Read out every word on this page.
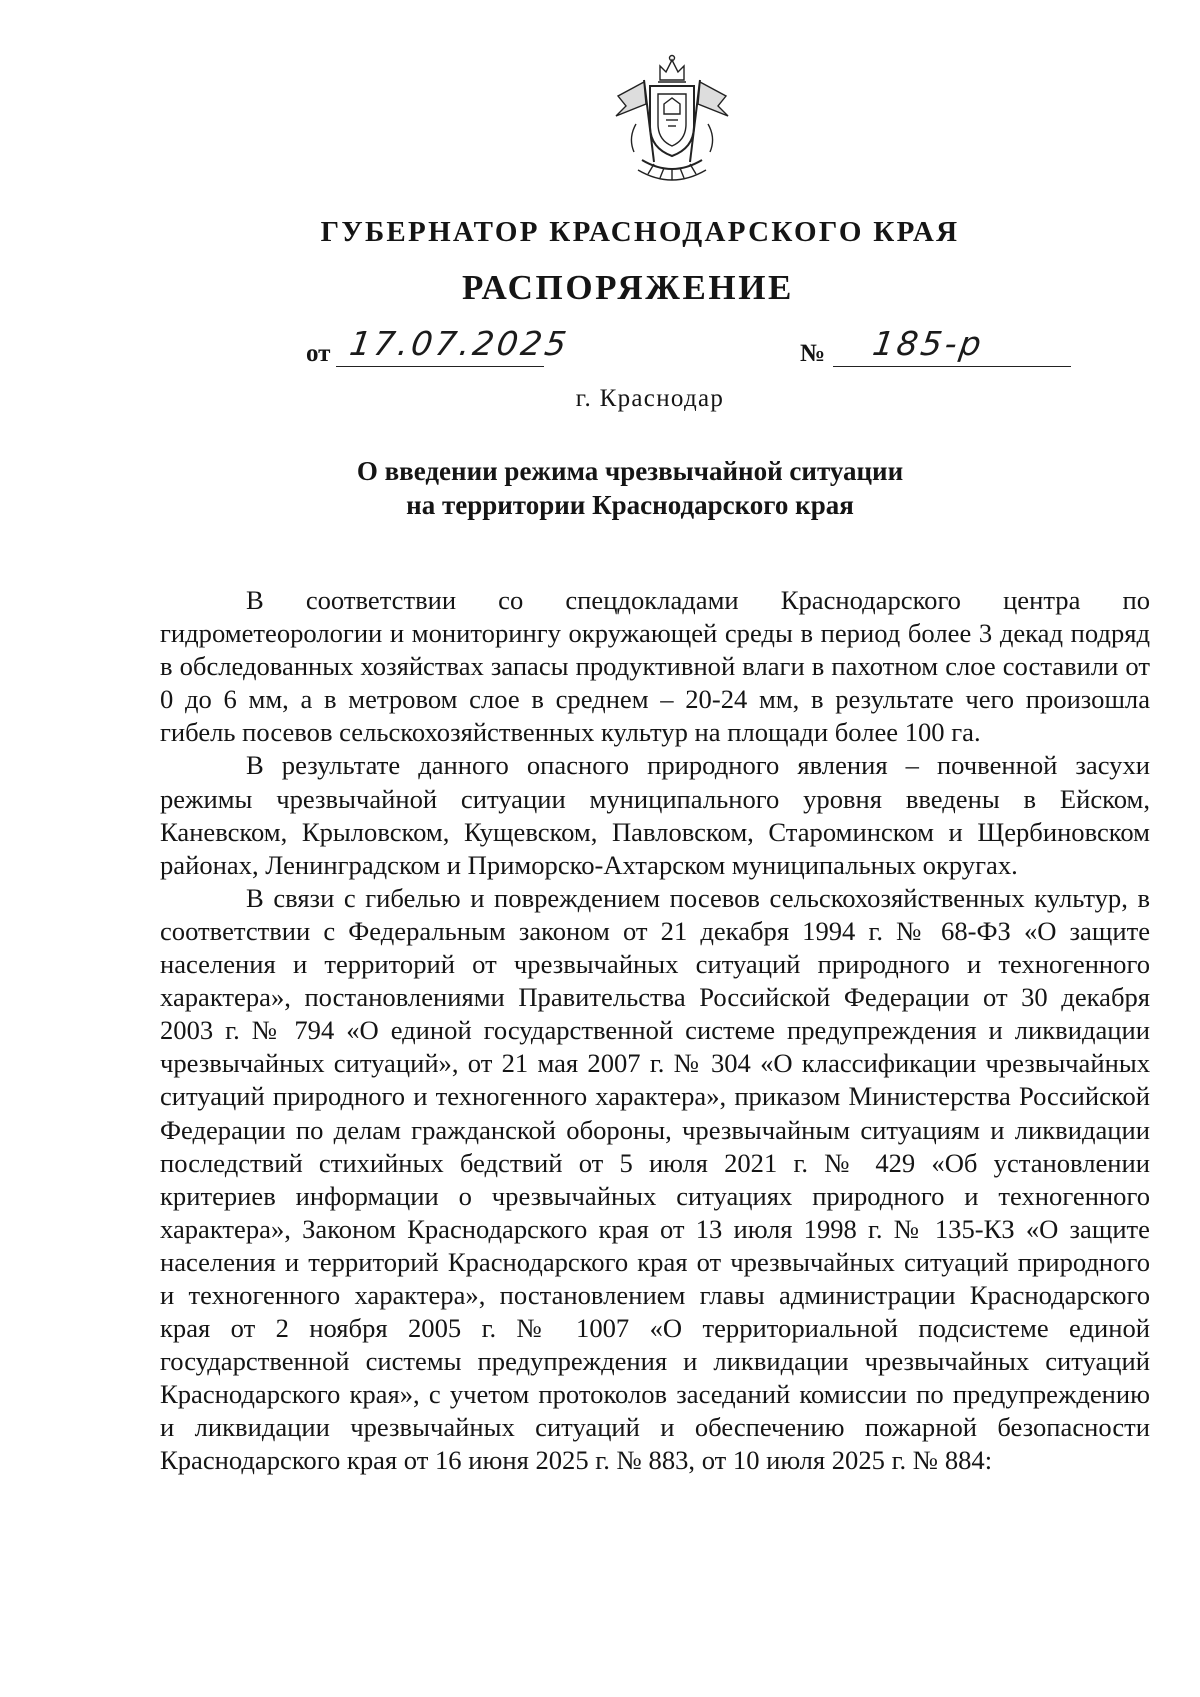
ГУБЕРНАТОР КРАСНОДАРСКОГО КРАЯ
РАСПОРЯЖЕНИЕ
от 17.07.2025	№ 185-р
г. Краснодар
О введении режима чрезвычайной ситуации
на территории Краснодарского края

В соответствии со спецдокладами Краснодарского центра по гидрометеорологии и мониторингу окружающей среды в период более 3 декад подряд в обследованных хозяйствах запасы продуктивной влаги в пахотном слое составили от 0 до 6 мм, а в метровом слое в среднем – 20-24 мм, в результате чего произошла гибель посевов сельскохозяйственных культур на площади более 100 га.

В результате данного опасного природного явления – почвенной засухи режимы чрезвычайной ситуации муниципального уровня введены в Ейском, Каневском, Крыловском, Кущевском, Павловском, Староминском и Щербиновском районах, Ленинградском и Приморско-Ахтарском муниципальных округах.

В связи с гибелью и повреждением посевов сельскохозяйственных культур, в соответствии с Федеральным законом от 21 декабря 1994 г. № 68-ФЗ «О защите населения и территорий от чрезвычайных ситуаций природного и техногенного характера», постановлениями Правительства Российской Федерации от 30 декабря 2003 г. № 794 «О единой государственной системе предупреждения и ликвидации чрезвычайных ситуаций», от 21 мая 2007 г. № 304 «О классификации чрезвычайных ситуаций природного и техногенного характера», приказом Министерства Российской Федерации по делам гражданской обороны, чрезвычайным ситуациям и ликвидации последствий стихийных бедствий от 5 июля 2021 г. № 429 «Об установлении критериев информации о чрезвычайных ситуациях природного и техногенного характера», Законом Краснодарского края от 13 июля 1998 г. № 135-КЗ «О защите населения и территорий Краснодарского края от чрезвычайных ситуаций природного и техногенного характера», постановлением главы администрации Краснодарского края от 2 ноября 2005 г. № 1007 «О территориальной подсистеме единой государственной системы предупреждения и ликвидации чрезвычайных ситуаций Краснодарского края», с учетом протоколов заседаний комиссии по предупреждению и ликвидации чрезвычайных ситуаций и обеспечению пожарной безопасности Краснодарского края от 16 июня 2025 г. № 883, от 10 июля 2025 г. № 884:
